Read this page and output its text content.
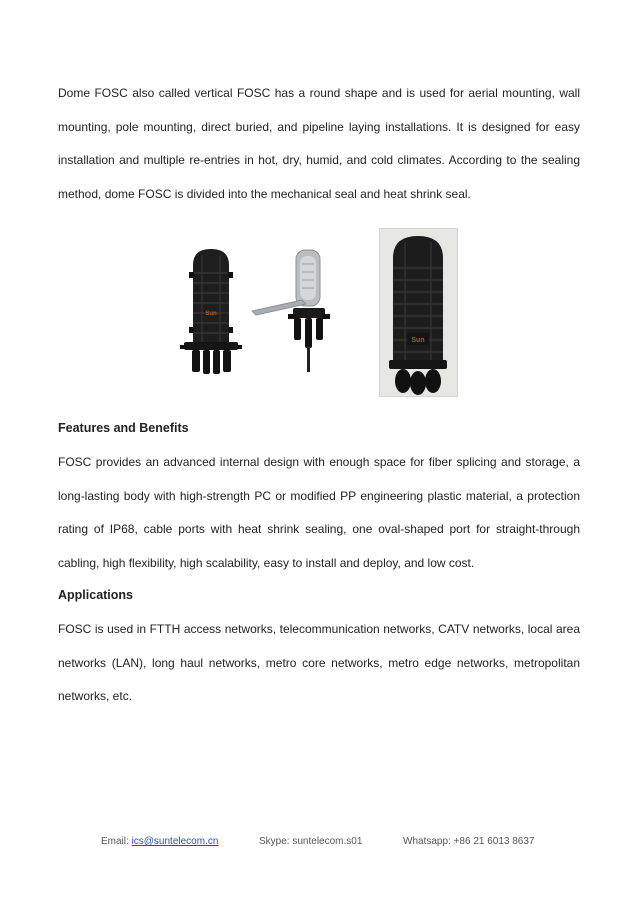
Dome FOSC also called vertical FOSC has a round shape and is used for aerial mounting, wall mounting, pole mounting, direct buried, and pipeline laying installations. It is designed for easy installation and multiple re-entries in hot, dry, humid, and cold climates. According to the sealing method, dome FOSC is divided into the mechanical seal and heat shrink seal.

Sun
Sun
Features and Benefits

FOSC provides an advanced internal design with enough space for fiber splicing and storage, a long-lasting body with high-strength PC or modified PP engineering plastic material, a protection rating of IP68, cable ports with heat shrink sealing, one oval-shaped port for straight-through cabling, high flexibility, high scalability, easy to install and deploy, and low cost.

Applications

FOSC is used in FTTH access networks, telecommunication networks, CATV networks, local area networks (LAN), long haul networks, metro core networks, metro edge networks, metropolitan networks, etc.

Email: ics@suntelecom.cn	Skype: suntelecom.s01	Whatsapp: +86 21 6013 8637
